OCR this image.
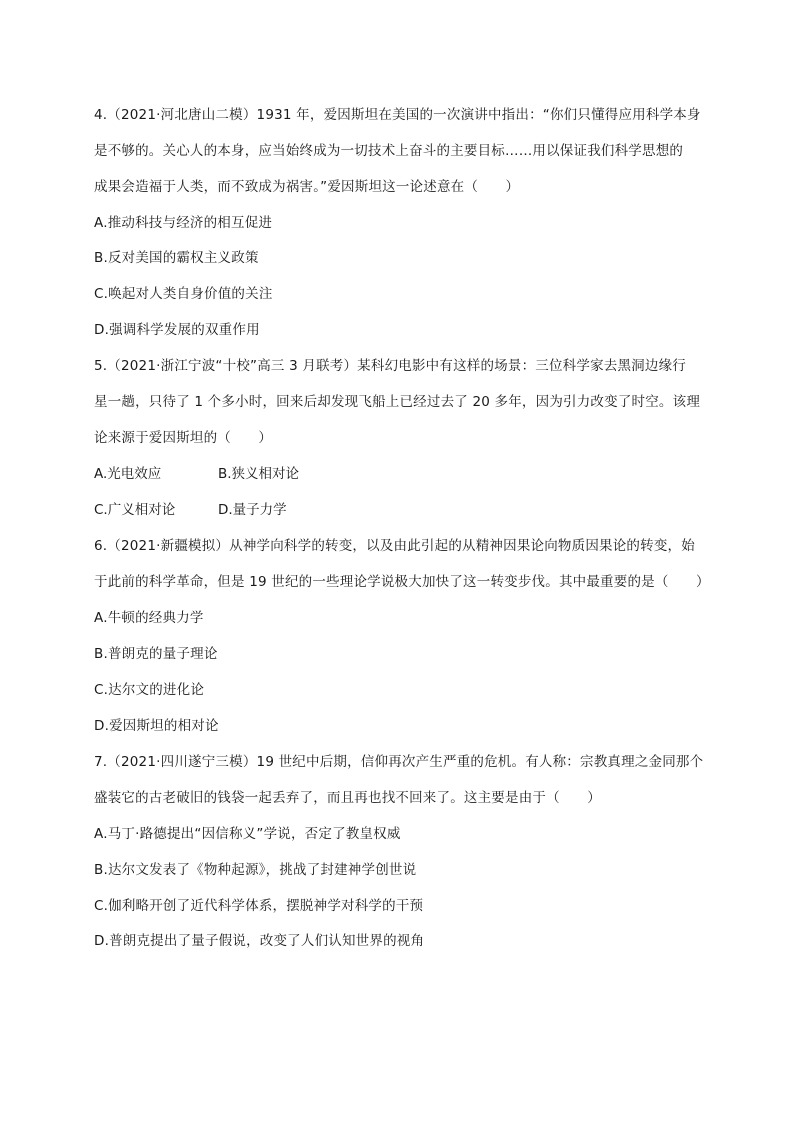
4.（2021·河北唐山二模）1931 年，爱因斯坦在美国的一次演讲中指出：“你们只懂得应用科学本身
是不够的。关心人的本身，应当始终成为一切技术上奋斗的主要目标……用以保证我们科学思想的
成果会造福于人类，而不致成为祸害。”爱因斯坦这一论述意在（　　）
A.推动科技与经济的相互促进
B.反对美国的霸权主义政策
C.唤起对人类自身价值的关注
D.强调科学发展的双重作用
5.（2021·浙江宁波“十校”高三 3 月联考）某科幻电影中有这样的场景：三位科学家去黑洞边缘行
星一趟，只待了 1 个多小时，回来后却发现飞船上已经过去了 20 多年，因为引力改变了时空。该理
论来源于爱因斯坦的（　　）
A.光电效应	B.狭义相对论
C.广义相对论	D.量子力学
6.（2021·新疆模拟）从神学向科学的转变，以及由此引起的从精神因果论向物质因果论的转变，始
于此前的科学革命，但是 19 世纪的一些理论学说极大加快了这一转变步伐。其中最重要的是（　　）
A.牛顿的经典力学
B.普朗克的量子理论
C.达尔文的进化论
D.爱因斯坦的相对论
7.（2021·四川遂宁三模）19 世纪中后期，信仰再次产生严重的危机。有人称：宗教真理之金同那个
盛装它的古老破旧的钱袋一起丢弃了，而且再也找不回来了。这主要是由于（　　）
A.马丁·路德提出“因信称义”学说，否定了教皇权威
B.达尔文发表了《物种起源》，挑战了封建神学创世说
C.伽利略开创了近代科学体系，摆脱神学对科学的干预
D.普朗克提出了量子假说，改变了人们认知世界的视角
